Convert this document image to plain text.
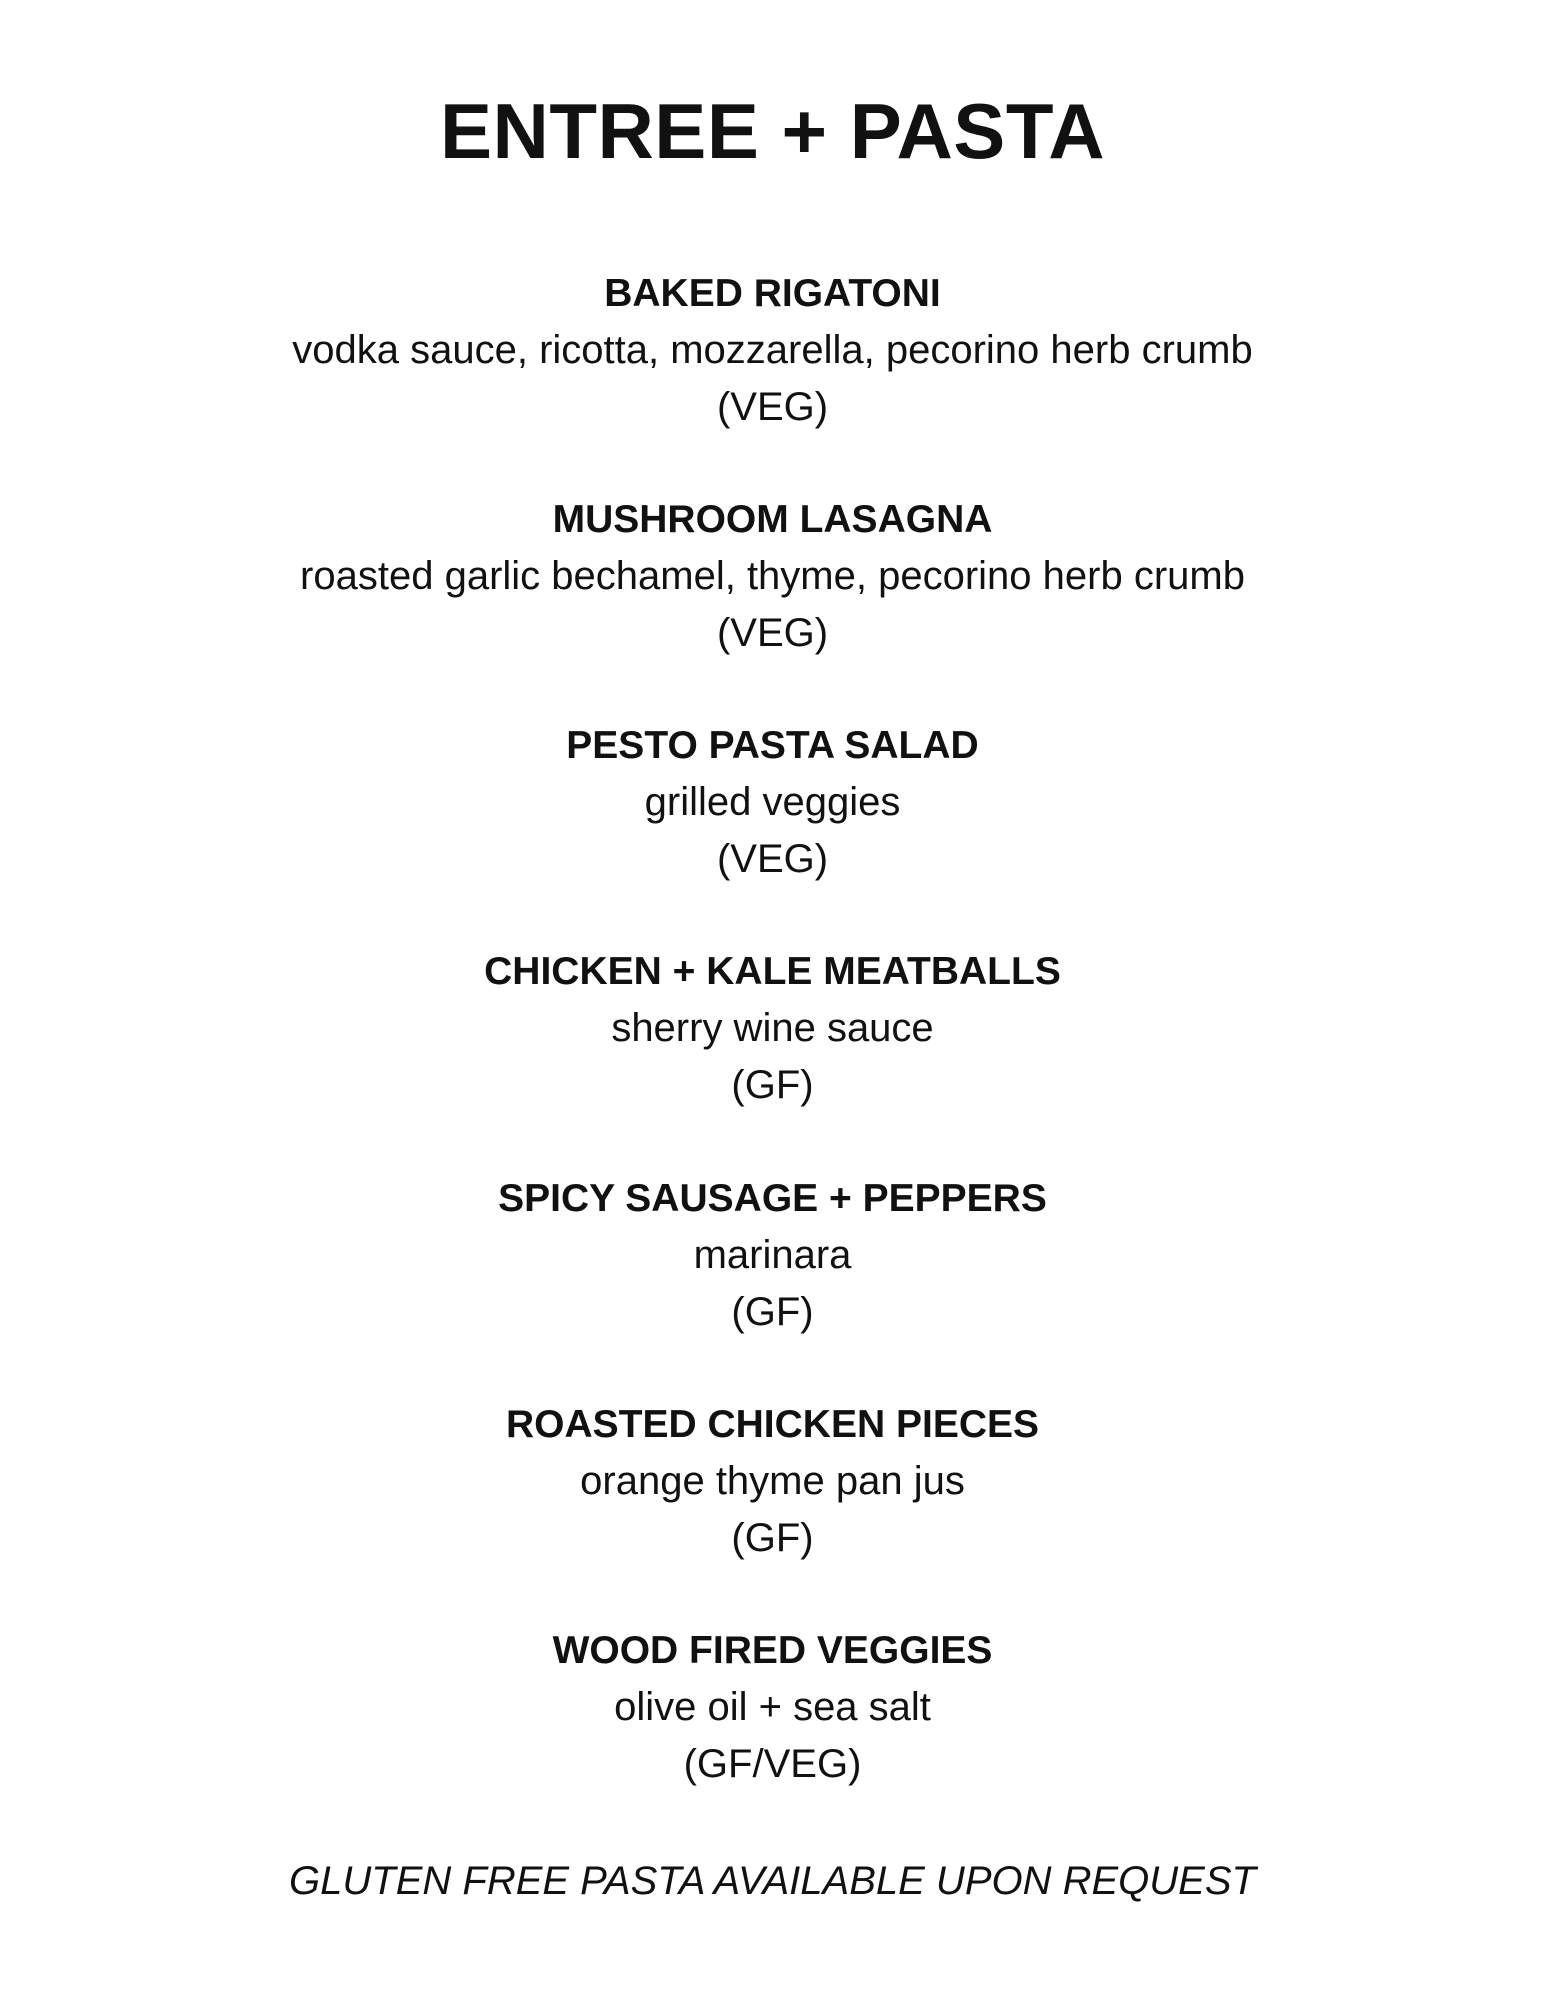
ENTREE + PASTA
BAKED RIGATONI
vodka sauce, ricotta, mozzarella, pecorino herb crumb
(VEG)
MUSHROOM LASAGNA
roasted garlic bechamel, thyme, pecorino herb crumb
(VEG)
PESTO PASTA SALAD
grilled veggies
(VEG)
CHICKEN + KALE MEATBALLS
sherry wine sauce
(GF)
SPICY SAUSAGE + PEPPERS
marinara
(GF)
ROASTED CHICKEN PIECES
orange thyme pan jus
(GF)
WOOD FIRED VEGGIES
olive oil + sea salt
(GF/VEG)
GLUTEN FREE PASTA AVAILABLE UPON REQUEST
